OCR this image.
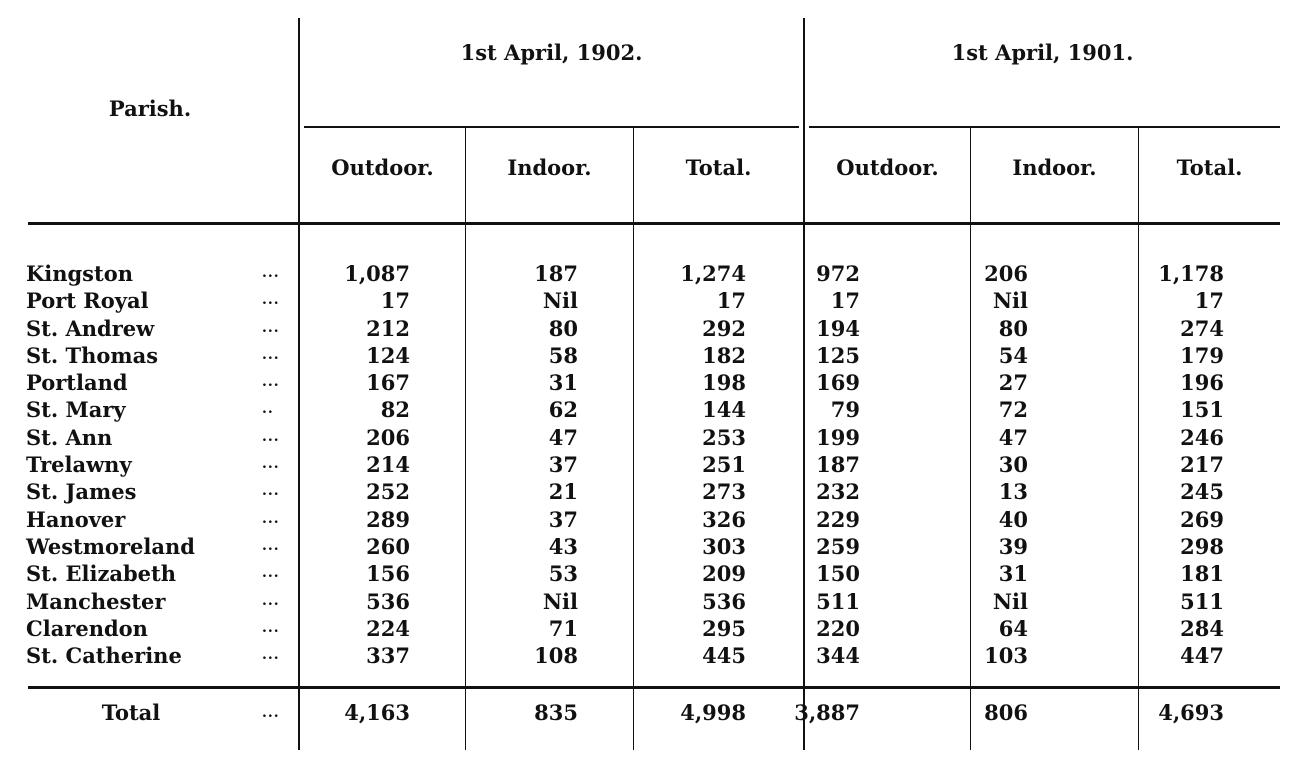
Parish.
1st April, 1902.	1st April, 1901.
Outdoor.	Indoor.	Total.	Outdoor.	Indoor.	Total.
Kingston	...	1,087	187	1,274	972	206	1,178
Port Royal	...	17	Nil	17	17	Nil	17
St. Andrew	...	212	80	292	194	80	274
St. Thomas	...	124	58	182	125	54	179
Portland	...	167	31	198	169	27	196
St. Mary	..	82	62	144	79	72	151
St. Ann	...	206	47	253	199	47	246
Trelawny	...	214	37	251	187	30	217
St. James	...	252	21	273	232	13	245
Hanover	...	289	37	326	229	40	269
Westmoreland	...	260	43	303	259	39	298
St. Elizabeth	...	156	53	209	150	31	181
Manchester	...	536	Nil	536	511	Nil	511
Clarendon	...	224	71	295	220	64	284
St. Catherine	...	337	108	445	344	103	447
Total	...	4,163	835	4,998	3,887	806	4,693
